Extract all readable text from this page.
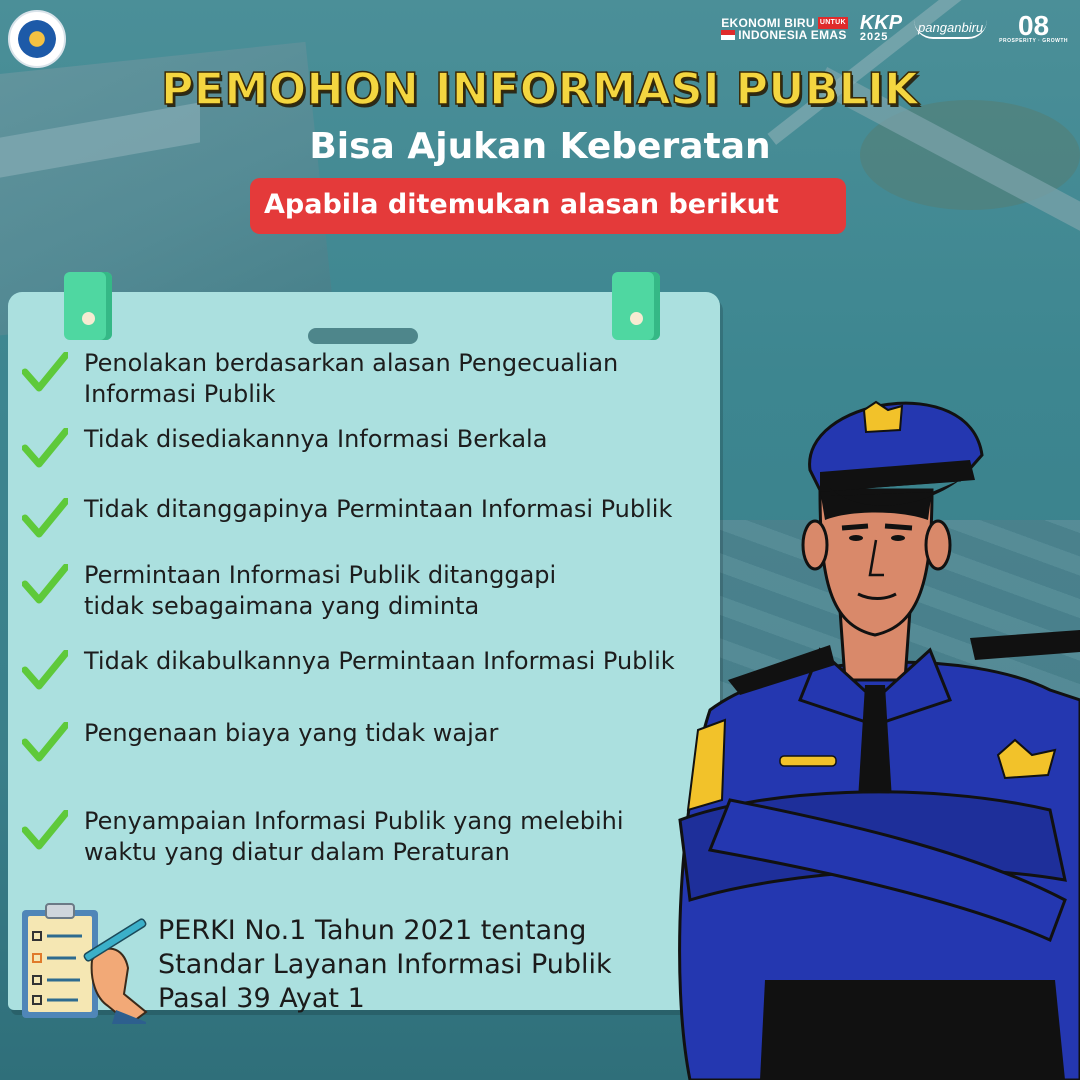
EKONOMI BIRU UNTUK
INDONESIA EMAS
KKP
2025
panganbiru	08
PROSPERITY · GROWTH
PEMOHON INFORMASI PUBLIK
Bisa Ajukan Keberatan
Apabila ditemukan alasan berikut
Penolakan berdasarkan alasan Pengecualian
Informasi Publik
Tidak disediakannya Informasi Berkala
Tidak ditanggapinya Permintaan Informasi Publik
Permintaan Informasi Publik ditanggapi
tidak sebagaimana yang diminta
Tidak dikabulkannya Permintaan Informasi Publik
Pengenaan biaya yang tidak wajar
Penyampaian Informasi Publik yang melebihi
waktu yang diatur dalam Peraturan
PERKI No.1 Tahun 2021 tentang
Standar Layanan Informasi Publik
Pasal 39 Ayat 1
